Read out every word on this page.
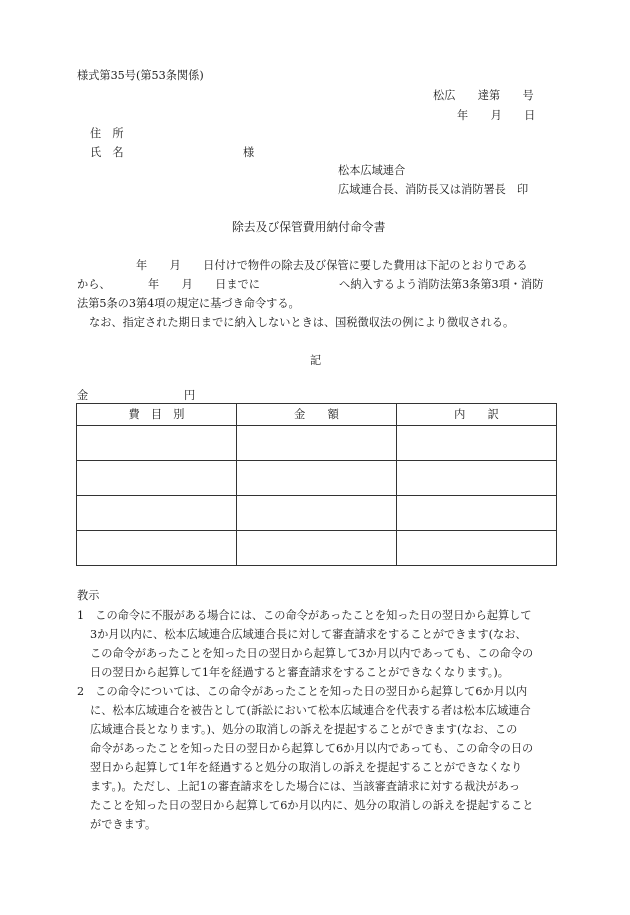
様式第35号(第53条関係)
松広　　達第　　号
年　　月　　日
住　所
氏　名	様
松本広域連合
広域連合長、消防長又は消防署長　印
除去及び保管費用納付命令書
年　　月　　日付けで物件の除去及び保管に要した費用は下記のとおりである
から、	年　　月　　日までに	へ納入するよう消防法第3条第3項・消防
法第5条の3第4項の規定に基づき命令する。
なお、指定された期日までに納入しないときは、国税徴収法の例により徴収される。
記
金	円
費　目　別	金　　額	内　　訳

教示
1　この命令に不服がある場合には、この命令があったことを知った日の翌日から起算して
3か月以内に、松本広域連合広域連合長に対して審査請求をすることができます(なお、
この命令があったことを知った日の翌日から起算して3か月以内であっても、この命令の
日の翌日から起算して1年を経過すると審査請求をすることができなくなります。)。
2　この命令については、この命令があったことを知った日の翌日から起算して6か月以内
に、松本広域連合を被告として(訴訟において松本広域連合を代表する者は松本広域連合
広域連合長となります。)、処分の取消しの訴えを提起することができます(なお、この
命令があったことを知った日の翌日から起算して6か月以内であっても、この命令の日の
翌日から起算して1年を経過すると処分の取消しの訴えを提起することができなくなり
ます。)。ただし、上記1の審査請求をした場合には、当該審査請求に対する裁決があっ
たことを知った日の翌日から起算して6か月以内に、処分の取消しの訴えを提起すること
ができます。
